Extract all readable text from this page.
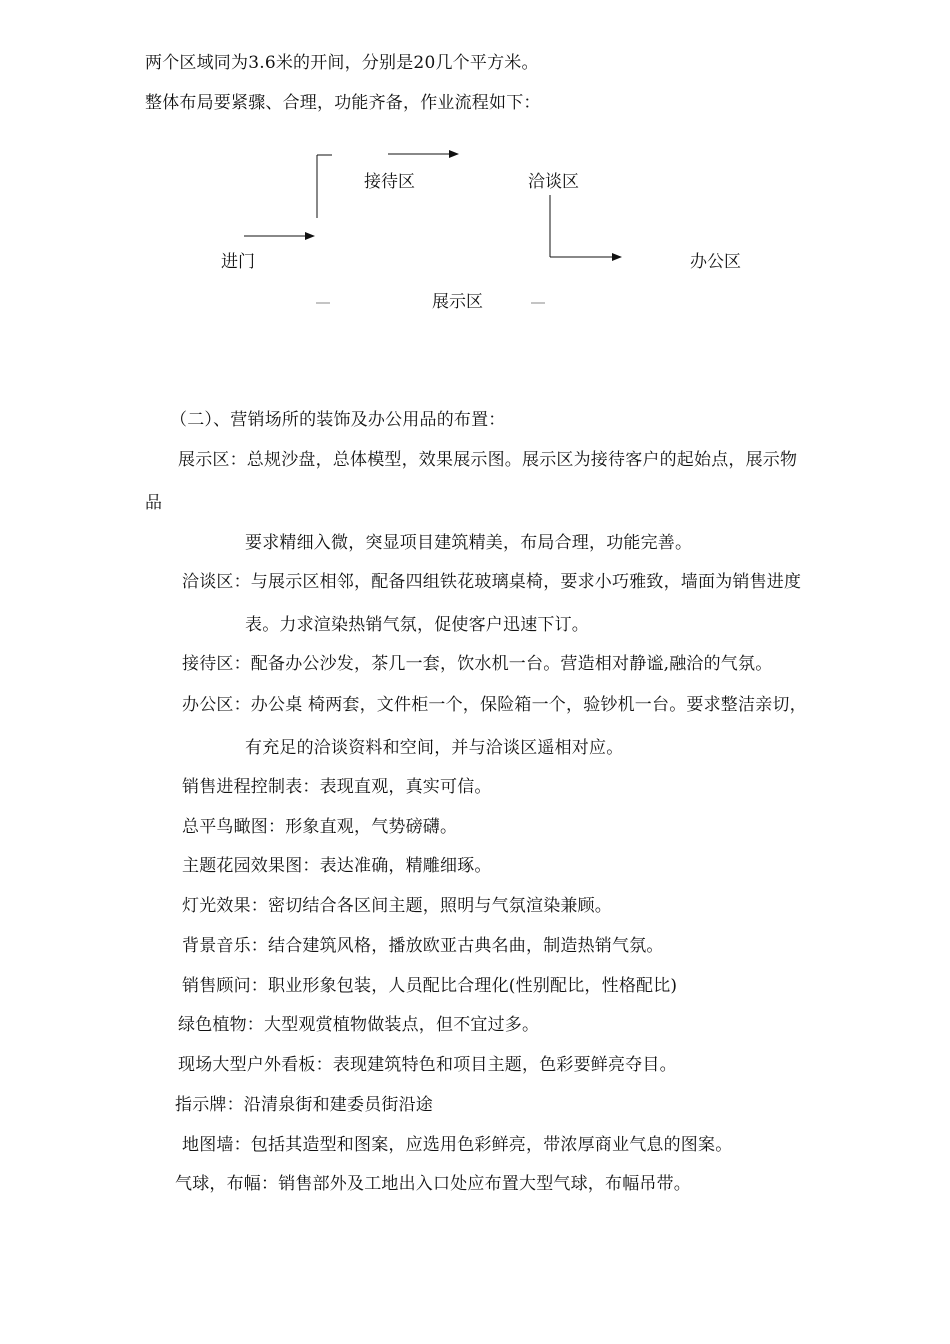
两个区域同为3.6米的开间，分别是20几个平方米。
整体布局要紧骤、合理，功能齐备，作业流程如下：
接待区	洽谈区
进门	办公区
展示区
（二）、营销场所的装饰及办公用品的布置：
展示区：总规沙盘，总体模型，效果展示图。展示区为接待客户的起始点，展示物
品
要求精细入微，突显项目建筑精美，布局合理，功能完善。
洽谈区：与展示区相邻，配备四组铁花玻璃桌椅，要求小巧雅致，墙面为销售进度
表。力求渲染热销气氛，促使客户迅速下订。
接待区：配备办公沙发，茶几一套，饮水机一台。营造相对静谧,融洽的气氛。
办公区：办公桌 椅两套，文件柜一个，保险箱一个，验钞机一台。要求整洁亲切，
有充足的洽谈资料和空间，并与洽谈区遥相对应。
销售进程控制表：表现直观，真实可信。
总平鸟瞰图：形象直观，气势磅礴。
主题花园效果图：表达准确，精雕细琢。
灯光效果：密切结合各区间主题，照明与气氛渲染兼顾。
背景音乐：结合建筑风格，播放欧亚古典名曲，制造热销气氛。
销售顾问：职业形象包装，人员配比合理化(性别配比，性格配比)
绿色植物：大型观赏植物做装点，但不宜过多。
现场大型户外看板：表现建筑特色和项目主题，色彩要鲜亮夺目。
指示牌：沿清泉街和建委员街沿途
地图墙：包括其造型和图案，应选用色彩鲜亮，带浓厚商业气息的图案。
气球，布幅：销售部外及工地出入口处应布置大型气球，布幅吊带。
